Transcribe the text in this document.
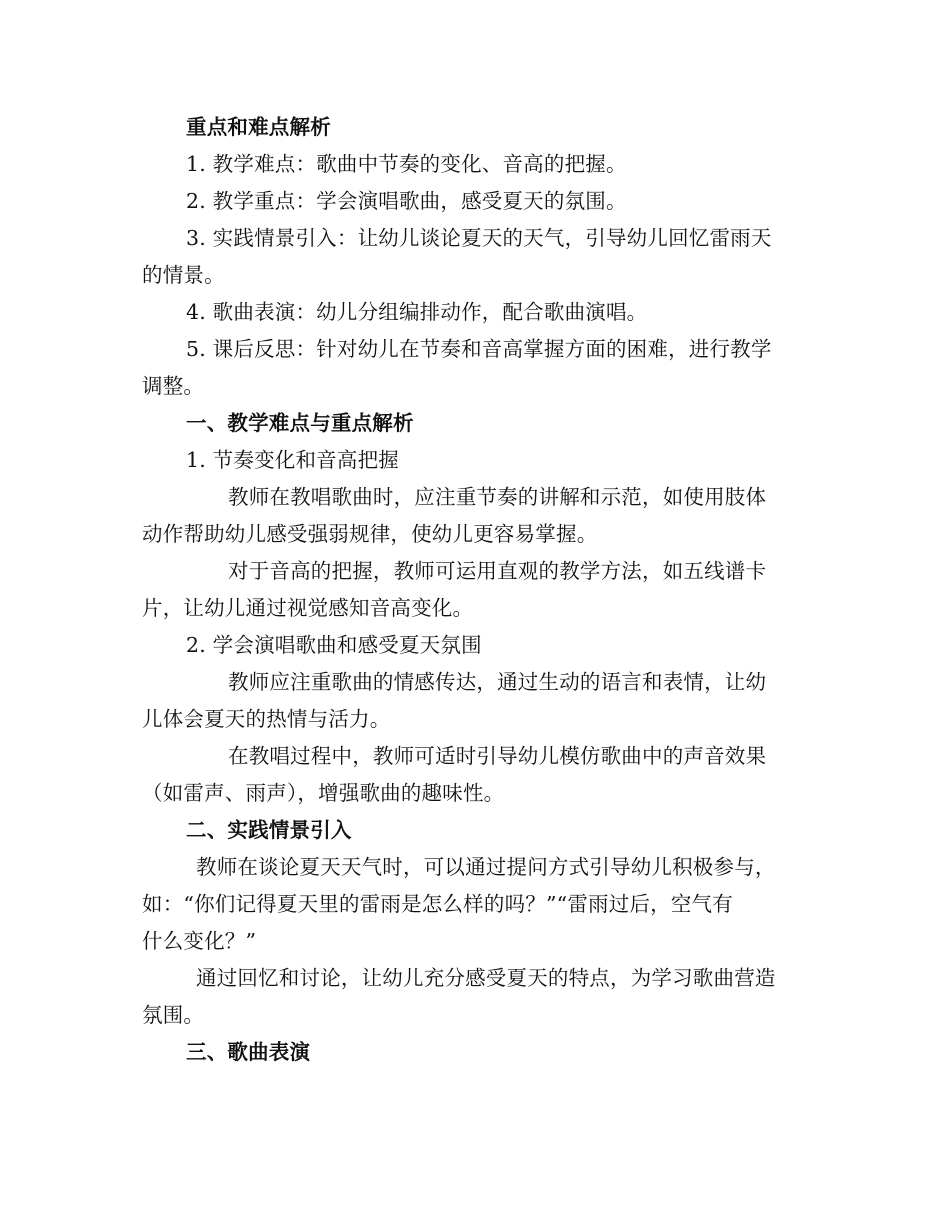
重点和难点解析
1. 教学难点：歌曲中节奏的变化、音高的把握。
2. 教学重点：学会演唱歌曲，感受夏天的氛围。
3. 实践情景引入：让幼儿谈论夏天的天气，引导幼儿回忆雷雨天
的情景。
4. 歌曲表演：幼儿分组编排动作，配合歌曲演唱。
5. 课后反思：针对幼儿在节奏和音高掌握方面的困难，进行教学
调整。
一、教学难点与重点解析
1. 节奏变化和音高把握
教师在教唱歌曲时，应注重节奏的讲解和示范，如使用肢体
动作帮助幼儿感受强弱规律，使幼儿更容易掌握。
对于音高的把握，教师可运用直观的教学方法，如五线谱卡
片，让幼儿通过视觉感知音高变化。
2. 学会演唱歌曲和感受夏天氛围
教师应注重歌曲的情感传达，通过生动的语言和表情，让幼
儿体会夏天的热情与活力。
在教唱过程中，教师可适时引导幼儿模仿歌曲中的声音效果
（如雷声、雨声），增强歌曲的趣味性。
二、实践情景引入
教师在谈论夏天天气时，可以通过提问方式引导幼儿积极参与，
如：“你们记得夏天里的雷雨是怎么样的吗？”“雷雨过后，空气有
什么变化？”
通过回忆和讨论，让幼儿充分感受夏天的特点，为学习歌曲营造
氛围。
三、歌曲表演
